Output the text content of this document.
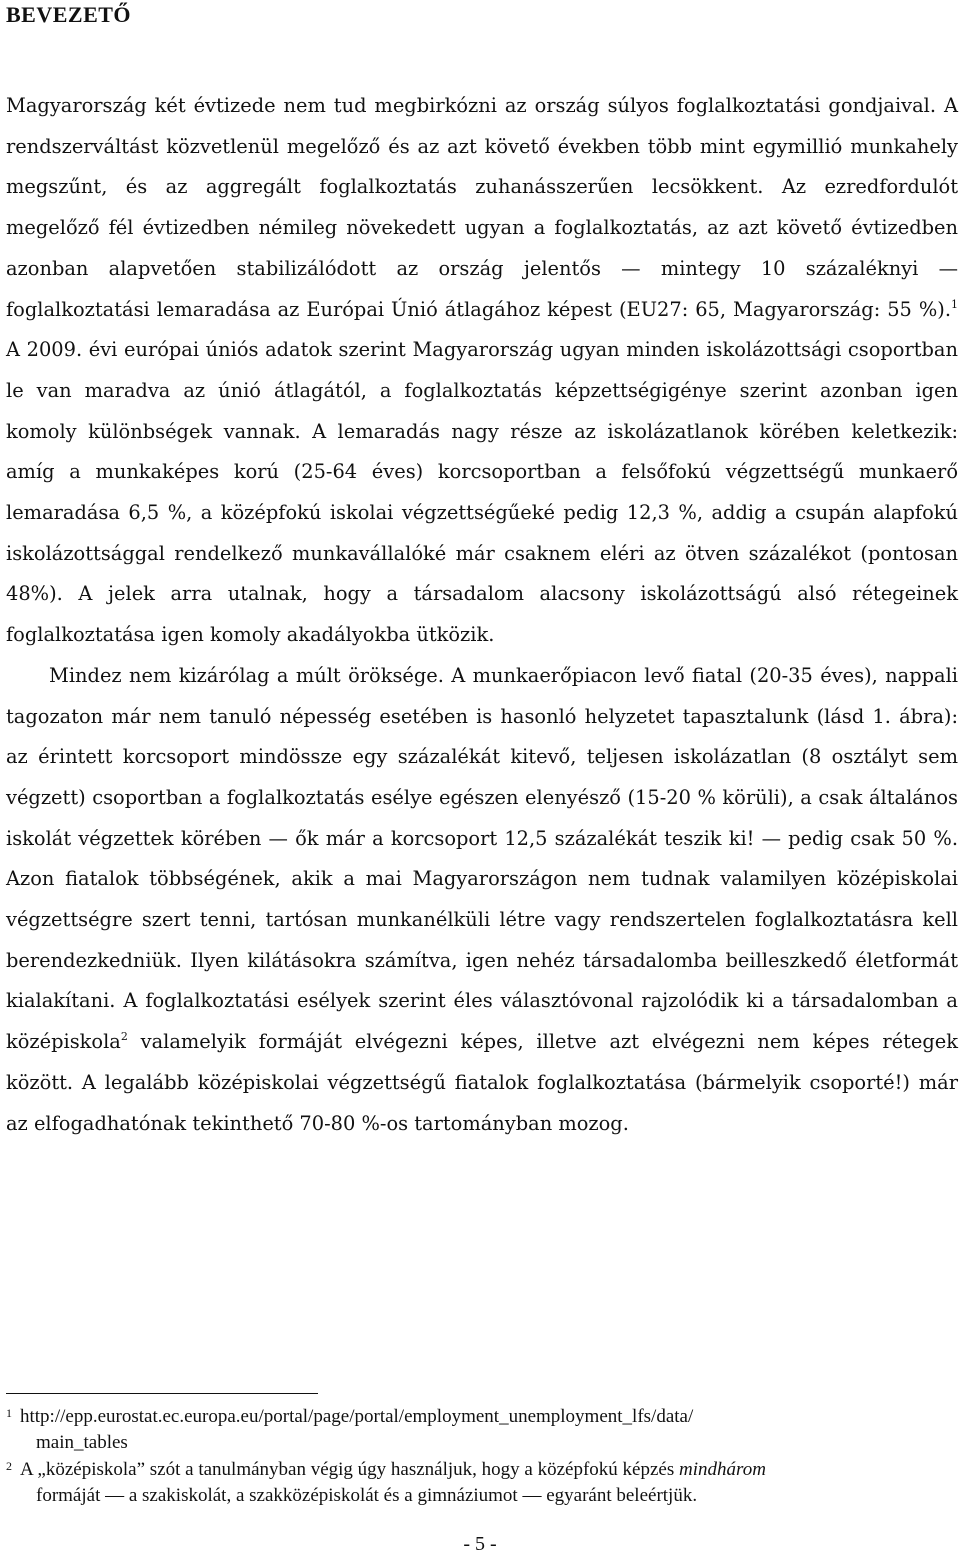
BEVEZETŐ

Magyarország két évtizede nem tud megbirkózni az ország súlyos foglalkoztatási gondjaival. A rendszerváltást közvetlenül megelőző és az azt követő években több mint egymillió munkahely megszűnt, és az aggregált foglalkoztatás zuhanásszerűen lecsökkent. Az ezredfordulót megelőző fél évtizedben némileg növekedett ugyan a foglalkoztatás, az azt követő évtizedben azonban alapvetően stabilizálódott az ország jelentős — mintegy 10 százaléknyi — foglalkoztatási lemaradása az Európai Únió átlagához képest (EU27: 65, Magyarország: 55 %).$^1$ A 2009. évi európai úniós adatok szerint Magyarország ugyan minden iskolázottsági csoportban le van maradva az únió átlagától, a foglalkoztatás képzettségigénye szerint azonban igen komoly különbségek vannak. A lemaradás nagy része az iskolázatlanok körében keletkezik: amíg a munkaképes korú (25-64 éves) korcsoportban a felsőfokú végzettségű munkaerő lemaradása 6,5 %, a középfokú iskolai végzettségűeké pedig 12,3 %, addig a csupán alapfokú iskolázottsággal rendelkező munkavállalóké már csaknem eléri az ötven százalékot (pontosan 48%). A jelek arra utalnak, hogy a társadalom alacsony iskolázottságú alsó rétegeinek foglalkoztatása igen komoly akadályokba ütközik.

Mindez nem kizárólag a múlt öröksége. A munkaerőpiacon levő fiatal (20-35 éves), nappali tagozaton már nem tanuló népesség esetében is hasonló helyzetet tapasztalunk (lásd 1. ábra): az érintett korcsoport mindössze egy százalékát kitevő, teljesen iskolázatlan (8 osztályt sem végzett) csoportban a foglalkoztatás esélye egészen elenyésző (15-20 % körüli), a csak általános iskolát végzettek körében — ők már a korcsoport 12,5 százalékát teszik ki! — pedig csak 50 %. Azon fiatalok többségének, akik a mai Magyarországon nem tudnak valamilyen középiskolai végzettségre szert tenni, tartósan munkanélküli létre vagy rendszertelen foglalkoztatásra kell berendezkedniük. Ilyen kilátásokra számítva, igen nehéz társadalomba beilleszkedő életformát kialakítani. A foglalkoztatási esélyek szerint éles választóvonal rajzolódik ki a társadalomban a középiskola$^2$ valamelyik formáját elvégezni képes, illetve azt elvégezni nem képes rétegek között. A legalább középiskolai végzettségű fiatalok foglalkoztatása (bármelyik csoporté!) már az elfogadhatónak tekinthető 70-80 %-os tartományban mozog.

1 http://epp.eurostat.ec.europa.eu/portal/page/portal/employment_unemployment_lfs/data/
main_tables
2 A „középiskola” szót a tanulmányban végig úgy használjuk, hogy a középfokú képzés mindhárom
formáját — a szakiskolát, a szakközépiskolát és a gimnáziumot — egyaránt beleértjük.
- 5 -
